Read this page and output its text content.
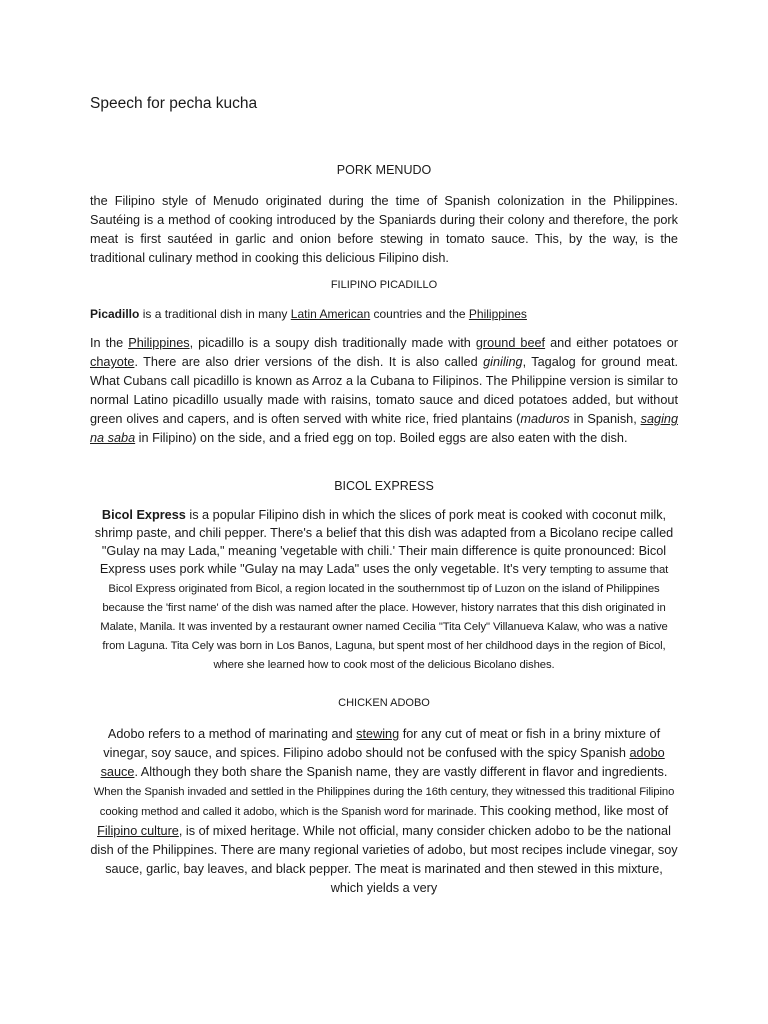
Speech for pecha kucha
PORK MENUDO

the Filipino style of Menudo originated during the time of Spanish colonization in the Philippines. Sautéing is a method of cooking introduced by the Spaniards during their colony and therefore, the pork meat is first sautéed in garlic and onion before stewing in tomato sauce. This, by the way, is the traditional culinary method in cooking this delicious Filipino dish.

FILIPINO PICADILLO

Picadillo is a traditional dish in many Latin American countries and the Philippines

In the Philippines, picadillo is a soupy dish traditionally made with ground beef and either potatoes or chayote. There are also drier versions of the dish. It is also called giniling, Tagalog for ground meat. What Cubans call picadillo is known as Arroz a la Cubana to Filipinos. The Philippine version is similar to normal Latino picadillo usually made with raisins, tomato sauce and diced potatoes added, but without green olives and capers, and is often served with white rice, fried plantains (maduros in Spanish, saging na saba in Filipino) on the side, and a fried egg on top. Boiled eggs are also eaten with the dish.

BICOL EXPRESS

Bicol Express is a popular Filipino dish in which the slices of pork meat is cooked with coconut milk, shrimp paste, and chili pepper. There's a belief that this dish was adapted from a Bicolano recipe called "Gulay na may Lada," meaning 'vegetable with chili.' Their main difference is quite pronounced: Bicol Express uses pork while "Gulay na may Lada" uses the only vegetable. It's very tempting to assume that Bicol Express originated from Bicol, a region located in the southernmost tip of Luzon on the island of Philippines because the 'first name' of the dish was named after the place. However, history narrates that this dish originated in Malate, Manila. It was invented by a restaurant owner named Cecilia "Tita Cely" Villanueva Kalaw, who was a native from Laguna. Tita Cely was born in Los Banos, Laguna, but spent most of her childhood days in the region of Bicol, where she learned how to cook most of the delicious Bicolano dishes.

CHICKEN ADOBO

Adobo refers to a method of marinating and stewing for any cut of meat or fish in a briny mixture of vinegar, soy sauce, and spices. Filipino adobo should not be confused with the spicy Spanish adobo sauce. Although they both share the Spanish name, they are vastly different in flavor and ingredients. When the Spanish invaded and settled in the Philippines during the 16th century, they witnessed this traditional Filipino cooking method and called it adobo, which is the Spanish word for marinade. This cooking method, like most of Filipino culture, is of mixed heritage. While not official, many consider chicken adobo to be the national dish of the Philippines. There are many regional varieties of adobo, but most recipes include vinegar, soy sauce, garlic, bay leaves, and black pepper. The meat is marinated and then stewed in this mixture, which yields a very
